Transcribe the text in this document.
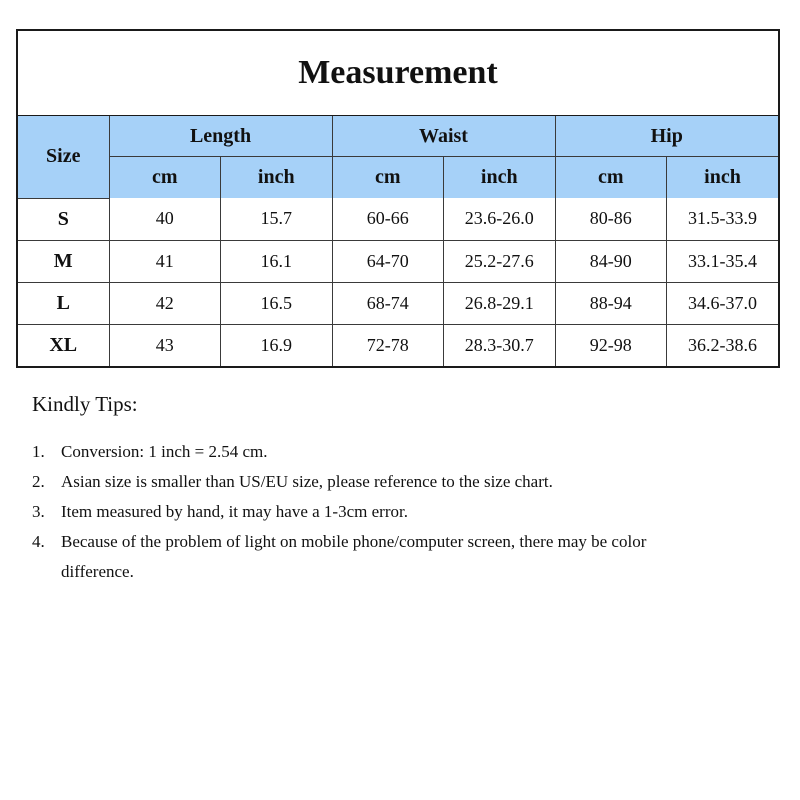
Measurement
Size	Length		Waist		Hip	
	cm	inch	cm	inch	cm	inch
S	40	15.7	60-66	23.6-26.0	80-86	31.5-33.9
M	41	16.1	64-70	25.2-27.6	84-90	33.1-35.4
L	42	16.5	68-74	26.8-29.1	88-94	34.6-37.0
XL	43	16.9	72-78	28.3-30.7	92-98	36.2-38.6
Kindly Tips:
1. Conversion: 1 inch = 2.54 cm.
2. Asian size is smaller than US/EU size, please reference to the size chart.
3. Item measured by hand, it may have a 1-3cm error.
4. Because of the problem of light on mobile phone/computer screen, there may be color difference.
